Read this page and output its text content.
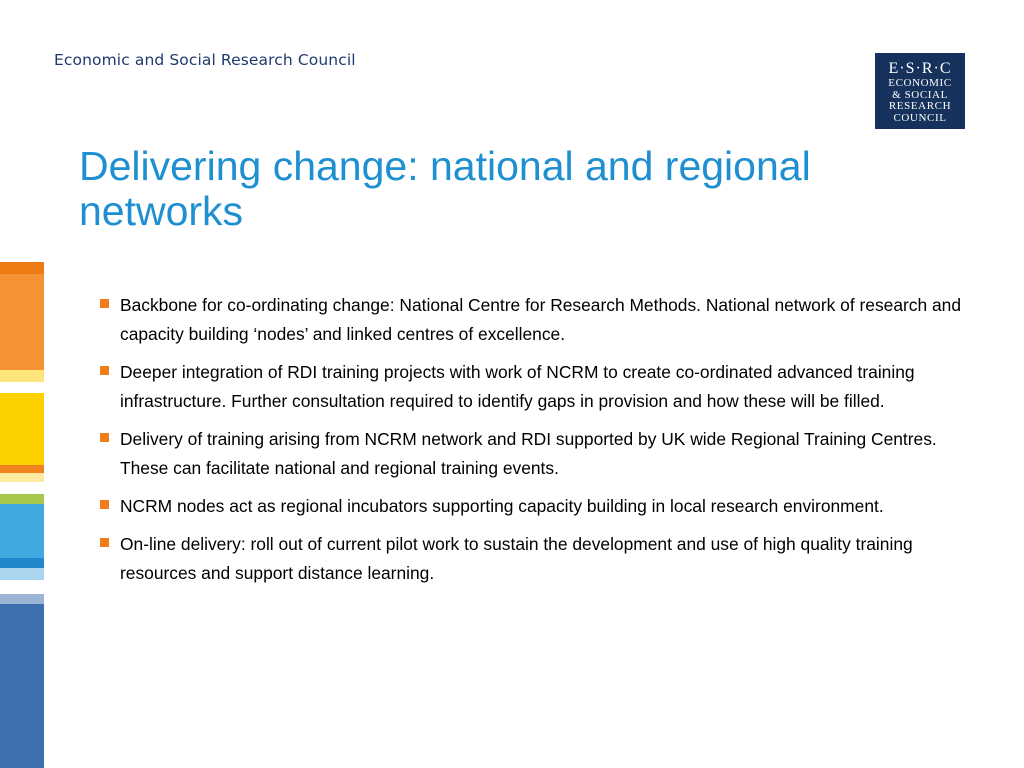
Economic and Social Research Council	E·S·R·C
ECONOMIC
& SOCIAL
RESEARCH
COUNCIL
Delivering change: national and regional networks
Backbone for co-ordinating change: National Centre for Research Methods. National network of research and capacity building ‘nodes’ and linked centres of excellence.
Deeper integration of RDI training projects with work of NCRM to create co-ordinated advanced training infrastructure. Further consultation required to identify gaps in provision and how these will be filled.
Delivery of training arising from NCRM network and RDI supported by UK wide Regional Training Centres. These can facilitate national and regional training events.
NCRM nodes act as regional incubators supporting capacity building in local research environment.
On-line delivery: roll out of current pilot work to sustain the development and use of high quality training resources and support distance learning.
